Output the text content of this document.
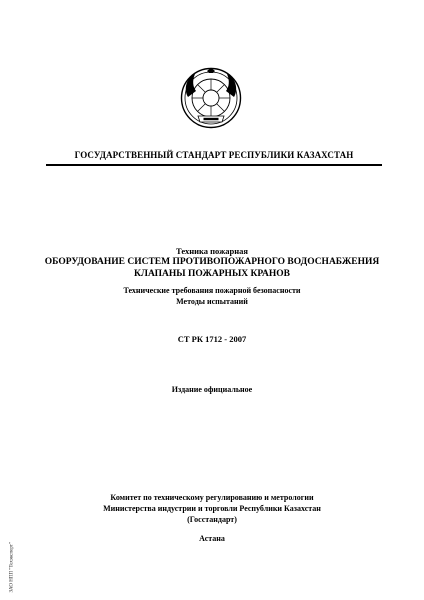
ГОСУДАРСТВЕННЫЙ СТАНДАРТ РЕСПУБЛИКИ КАЗАХСТАН
Техника пожарная
ОБОРУДОВАНИЕ СИСТЕМ ПРОТИВОПОЖАРНОГО ВОДОСНАБЖЕНИЯ
КЛАПАНЫ ПОЖАРНЫХ КРАНОВ
Технические требования пожарной безопасности
Методы испытаний
СТ РК 1712 - 2007
Издание официальное
Комитет по техническому регулированию и метрологии
Министерства индустрии и торговли Республики Казахстан
(Госстандарт)
Астана
ЗАО НПП "Техэксперт"
